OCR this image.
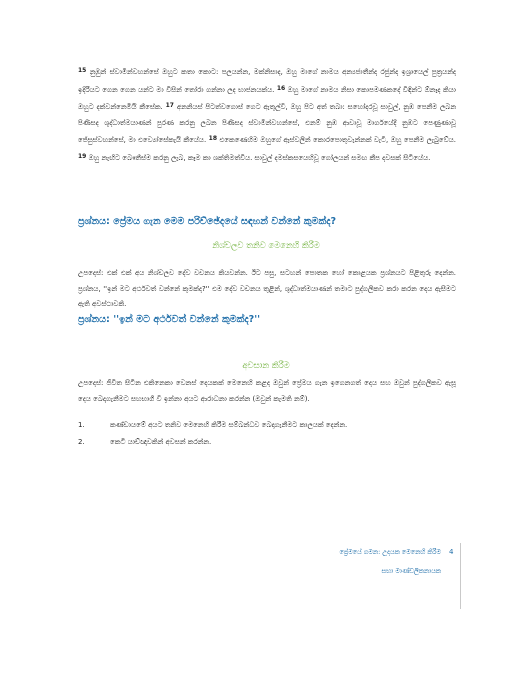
$^{15}$ නුඹුන් ස්වාමීන්වහන්සේ ඔහුට කතා කොට: පලයන්න, මක්නිසාද, ඔහු මාගේ නාමය අන්‍යජාතීන්ද රජුන්ද ඉශ්‍රායෙල් පුත්‍රයන්ද ඉදිරියට ගෙන ගෙන යන්ට මා විසින් තෝරා ගන්නා ලද භාජනයක්ය. $^{16}$ ඔහු මාගේ නාමය නිසා කොපමණකදේ විඳින්ට ඕනෑද කියා ඔහුට දක්වන්නෙමියි කීසේක. $^{17}$ අනනියස් පිටත්වගොස් ගෙට ඇතුල්වී, ඔහු පිට අත් තබා: සහෝදරවූ සාවුල්, නුඹ පෙනීම ලබන පිණිසද ශුද්ධාත්මයාණන් පුරණ කරනු ලබන පිණිසද ස්වාමීන්වහන්සේ, එනම් නුඹ ආවාවූ මාර්ගයේදී නුඹට පෙණුණාවූ ජේසුස්වහන්සේ, මා එව්‍යෝසේකැයි කීයේය. $^{18}$ එකෙණෙහිම ඔහුගේ ඇස්වලින් කොරපොතුවැන්නක් වැටී, ඔහු පෙනීම ලැබුවේය. $^{19}$ ඔහු නැඟිට බෞතීස්ම කරනු ලැබ, කෑම කා ශක්තිමත්විය. සාවුල් දමස්කසයෙහිවූ ගෝලයන් සමඟ කීප දවසක් සිටියේය.

ප්‍රශ්නය: ප්‍රේමය ගැන මෙම පරිච්ඡේදයේ සඳහන් වන්නේ කුමක්ද?

නිශ්චලව තනිව මෙනෙහි කිරීම

උපදෙස්: එක් එක් අය නිශ්චලව දේව වචනය කියවන්න. ඊට පසු, සටහන් පොතක හෝ කොළයක ප්‍රශ්නයට පිළිතුරු දෙන්න. ප්‍රශ්නය, ''ඉන් මට අර්ථවත් වන්නේ කුමක්ද?'' එම දේව වචනය තුළින්, ශුද්ධාත්මයාණන් තමාට පුද්ගලිකව කරා කරන දෙය ඇසීමට ඇති අවස්ථාවකි.

ප්‍රශ්නය: ''ඉන් මට අර්ථවත් වන්නේ කුමක්ද?''

අවසාන කිරීම

උපදෙස්: ජිවිත සිටින එකිනෙකා වෙනස් දෙයකක් මෙනෙහි කළද ඔවුන් ප්‍රේමය ගැන ඉගෙනගත් දෙය සහ ඔවුන් පුද්ගලිකව ඇසූ දෙය බෙදාගැනීමට සහභාගී වී ඉන්නා අයට ආරාධනා කරන්න (ඔවුන් කැමති නම්).

1.	කණ්ඩායමේ අයට තනිව මෙනෙහි කිරීම සම්බන්ධව බෙදාගැනීමට කාලයක් දෙන්න.
2.	කෙටි යාච්ඥාවකින් අවසන් කරන්න.

ප්‍රේමයේ ගමන: උදයක මෙනෙහි කිරීම 4

සභා මාණ්ඩලිකනායක
